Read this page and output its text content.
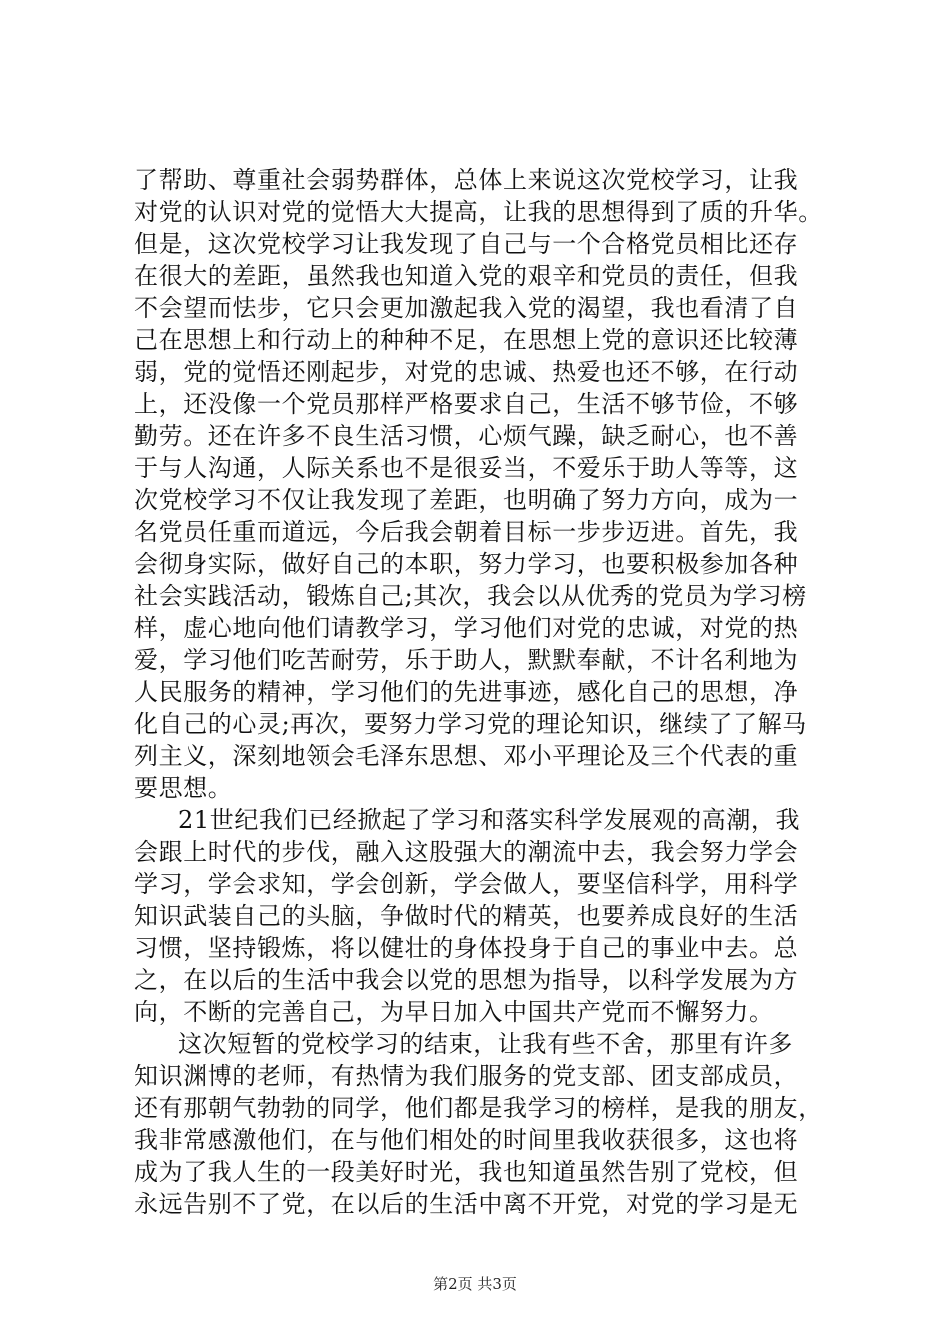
了帮助、尊重社会弱势群体，总体上来说这次党校学习，让我
对党的认识对党的觉悟大大提高，让我的思想得到了质的升华。
但是，这次党校学习让我发现了自己与一个合格党员相比还存
在很大的差距，虽然我也知道入党的艰辛和党员的责任，但我
不会望而怯步，它只会更加激起我入党的渴望，我也看清了自
己在思想上和行动上的种种不足，在思想上党的意识还比较薄
弱，党的觉悟还刚起步，对党的忠诚、热爱也还不够，在行动
上，还没像一个党员那样严格要求自己，生活不够节俭，不够
勤劳。还在许多不良生活习惯，心烦气躁，缺乏耐心，也不善
于与人沟通，人际关系也不是很妥当，不爱乐于助人等等，这
次党校学习不仅让我发现了差距，也明确了努力方向，成为一
名党员任重而道远，今后我会朝着目标一步步迈进。首先，我
会彻身实际，做好自己的本职，努力学习，也要积极参加各种
社会实践活动，锻炼自己;其次，我会以从优秀的党员为学习榜
样，虚心地向他们请教学习，学习他们对党的忠诚，对党的热
爱，学习他们吃苦耐劳，乐于助人，默默奉献，不计名利地为
人民服务的精神，学习他们的先进事迹，感化自己的思想，净
化自己的心灵;再次，要努力学习党的理论知识，继续了了解马
列主义，深刻地领会毛泽东思想、邓小平理论及三个代表的重
要思想。
21世纪我们已经掀起了学习和落实科学发展观的高潮，我
会跟上时代的步伐，融入这股强大的潮流中去，我会努力学会
学习，学会求知，学会创新，学会做人，要坚信科学，用科学
知识武装自己的头脑，争做时代的精英，也要养成良好的生活
习惯，坚持锻炼，将以健壮的身体投身于自己的事业中去。总
之，在以后的生活中我会以党的思想为指导，以科学发展为方
向，不断的完善自己，为早日加入中国共产党而不懈努力。
这次短暂的党校学习的结束，让我有些不舍，那里有许多
知识渊博的老师，有热情为我们服务的党支部、团支部成员，
还有那朝气勃勃的同学，他们都是我学习的榜样，是我的朋友，
我非常感激他们，在与他们相处的时间里我收获很多，这也将
成为了我人生的一段美好时光，我也知道虽然告别了党校，但
永远告别不了党，在以后的生活中离不开党，对党的学习是无
第2页 共3页
